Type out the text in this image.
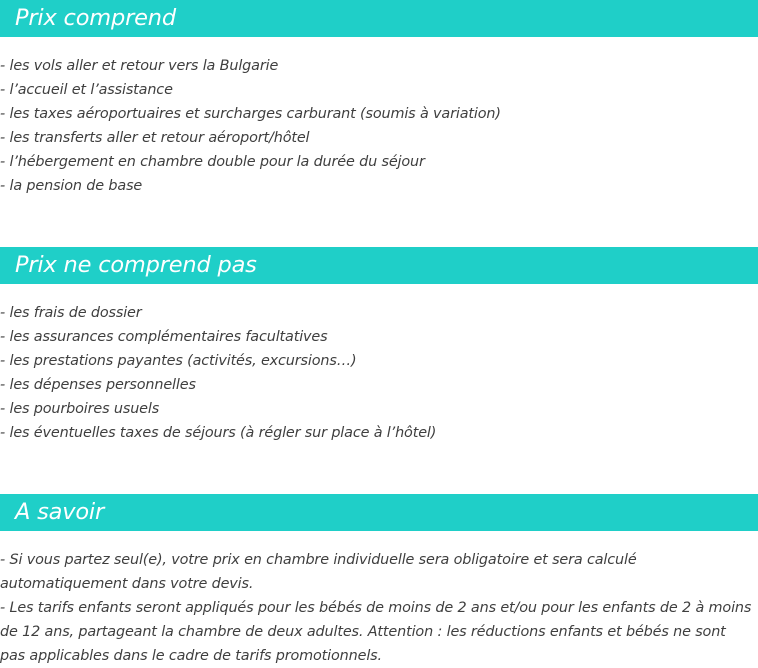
Prix comprend
- les vols aller et retour vers la Bulgarie
- l’accueil et l’assistance
- les taxes aéroportuaires et surcharges carburant (soumis à variation)
- les transferts aller et retour aéroport/hôtel
- l’hébergement en chambre double pour la durée du séjour
- la pension de base
Prix ne comprend pas
- les frais de dossier
- les assurances complémentaires facultatives
- les prestations payantes (activités, excursions…)
- les dépenses personnelles
- les pourboires usuels
- les éventuelles taxes de séjours (à régler sur place à l’hôtel)
A savoir

- Si vous partez seul(e), votre prix en chambre individuelle sera obligatoire et sera calculé automatiquement dans votre devis.

- Les tarifs enfants seront appliqués pour les bébés de moins de 2 ans et/ou pour les enfants de 2 à moins de 12 ans, partageant la chambre de deux adultes. Attention : les réductions enfants et bébés ne sont pas applicables dans le cadre de tarifs promotionnels.
